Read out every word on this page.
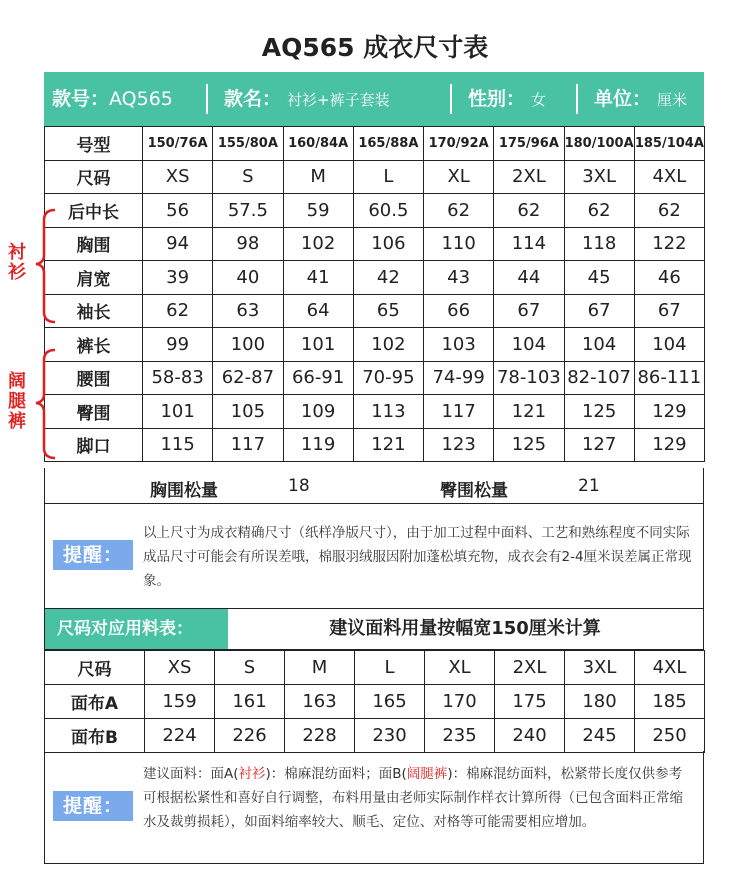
AQ565 成衣尺寸表
款号：AQ565	款名： 衬衫+裤子套装	性别： 女	单位： 厘米
号型	150/76A	155/80A	160/84A	165/88A	170/92A	175/96A	180/100A	185/104A
尺码	XS	S	M	L	XL	2XL	3XL	4XL
后中长	56	57.5	59	60.5	62	62	62	62
胸围	94	98	102	106	110	114	118	122
肩宽	39	40	41	42	43	44	45	46
袖长	62	63	64	65	66	67	67	67
裤长	99	100	101	102	103	104	104	104
腰围	58-83	62-87	66-91	70-95	74-99	78-103	82-107	86-111
臀围	101	105	109	113	117	121	125	129
脚口	115	117	119	121	123	125	127	129
衬
衫
阔
腿
裤
胸围松量	18	臀围松量	21
提醒：
以上尺寸为成衣精确尺寸（纸样净版尺寸），由于加工过程中面料、工艺和熟练程度不同实际成品尺寸可能会有所误差哦，棉服羽绒服因附加蓬松填充物，成衣会有2-4厘米误差属正常现象。
尺码对应用料表：	建议面料用量按幅宽150厘米计算
尺码	XS	S	M	L	XL	2XL	3XL	4XL
面布A	159	161	163	165	170	175	180	185
面布B	224	226	228	230	235	240	245	250
提醒：
建议面料：面A(衬衫)：棉麻混纺面料；面B(阔腿裤)：棉麻混纺面料，松紧带长度仅供参考可根据松紧性和喜好自行调整，布料用量由老师实际制作样衣计算所得（已包含面料正常缩水及裁剪损耗），如面料缩率较大、顺毛、定位、对格等可能需要相应增加。
